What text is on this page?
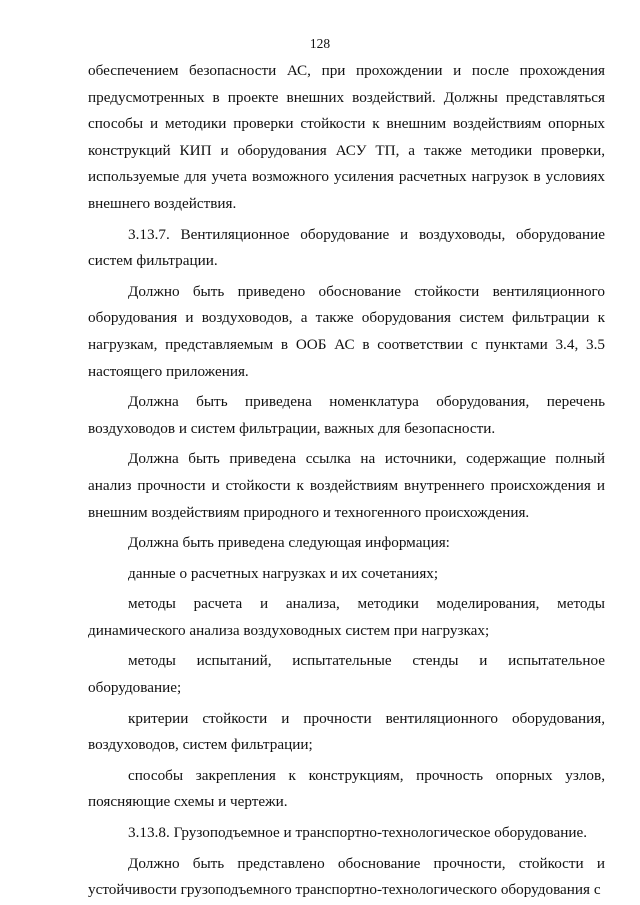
128

обеспечением безопасности АС, при прохождении и после прохождения предусмотренных в проекте внешних воздействий. Должны представляться способы и методики проверки стойкости к внешним воздействиям опорных конструкций КИП и оборудования АСУ ТП, а также методики проверки, используемые для учета возможного усиления расчетных нагрузок в условиях внешнего воздействия.

3.13.7. Вентиляционное оборудование и воздуховоды, оборудование систем фильтрации.

Должно быть приведено обоснование стойкости вентиляционного оборудования и воздуховодов, а также оборудования систем фильтрации к нагрузкам, представляемым в ООБ АС в соответствии с пунктами 3.4, 3.5 настоящего приложения.

Должна быть приведена номенклатура оборудования, перечень воздуховодов и систем фильтрации, важных для безопасности.

Должна быть приведена ссылка на источники, содержащие полный анализ прочности и стойкости к воздействиям внутреннего происхождения и внешним воздействиям природного и техногенного происхождения.

Должна быть приведена следующая информация:

данные о расчетных нагрузках и их сочетаниях;

методы расчета и анализа, методики моделирования, методы динамического анализа воздуховодных систем при нагрузках;

методы испытаний, испытательные стенды и испытательное оборудование;

критерии стойкости и прочности вентиляционного оборудования, воздуховодов, систем фильтрации;

способы закрепления к конструкциям, прочность опорных узлов, поясняющие схемы и чертежи.

3.13.8. Грузоподъемное и транспортно-технологическое оборудование.

Должно быть представлено обоснование прочности, стойкости и устойчивости грузоподъемного транспортно-технологического оборудования с
